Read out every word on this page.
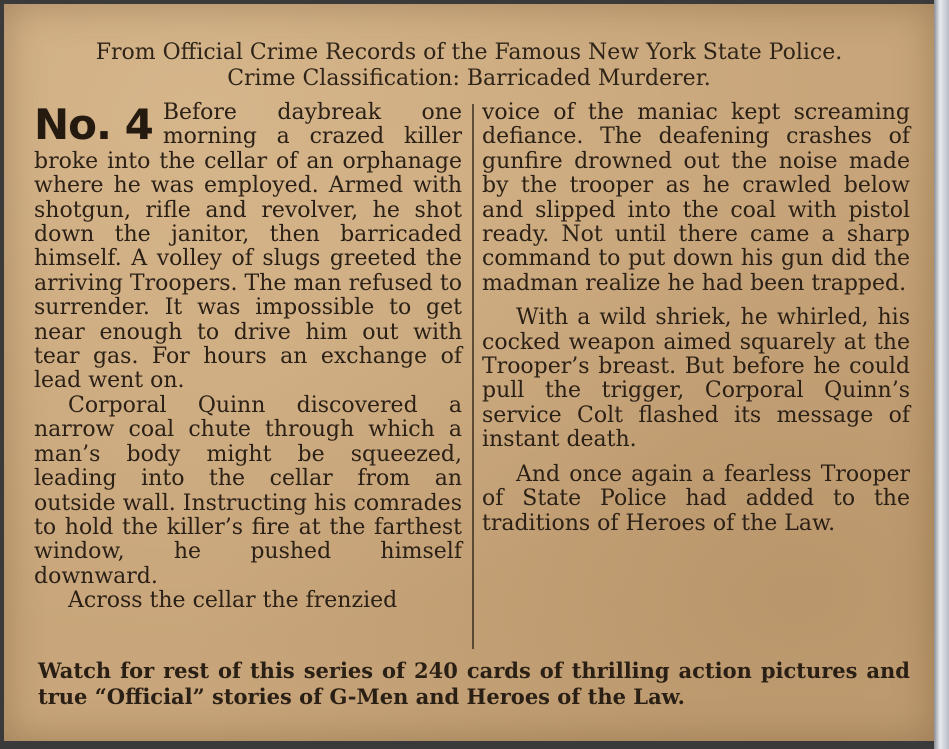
From Official Crime Records of the Famous New York State Police.
Crime Classification: Barricaded Murderer.
No. 4 Before daybreak one morning a crazed killer broke into the cellar of an orphanage where he was employed. Armed with shotgun, rifle and revolver, he shot down the janitor, then barricaded himself. A volley of slugs greeted the arriving Troopers. The man refused to surrender. It was impossible to get near enough to drive him out with tear gas. For hours an exchange of lead went on.

Corporal Quinn discovered a narrow coal chute through which a man’s body might be squeezed, leading into the cellar from an outside wall. Instructing his comrades to hold the killer’s fire at the farthest window, he pushed himself downward.

Across the cellar the frenzied

voice of the maniac kept screaming defiance. The deafening crashes of gunfire drowned out the noise made by the trooper as he crawled below and slipped into the coal with pistol ready. Not until there came a sharp command to put down his gun did the madman realize he had been trapped.

With a wild shriek, he whirled, his cocked weapon aimed squarely at the Trooper’s breast. But before he could pull the trigger, Corporal Quinn’s service Colt flashed its message of instant death.

And once again a fearless Trooper of State Police had added to the traditions of Heroes of the Law.

Watch for rest of this series of 240 cards of thrilling action pictures and true “Official” stories of G-Men and Heroes of the Law.
